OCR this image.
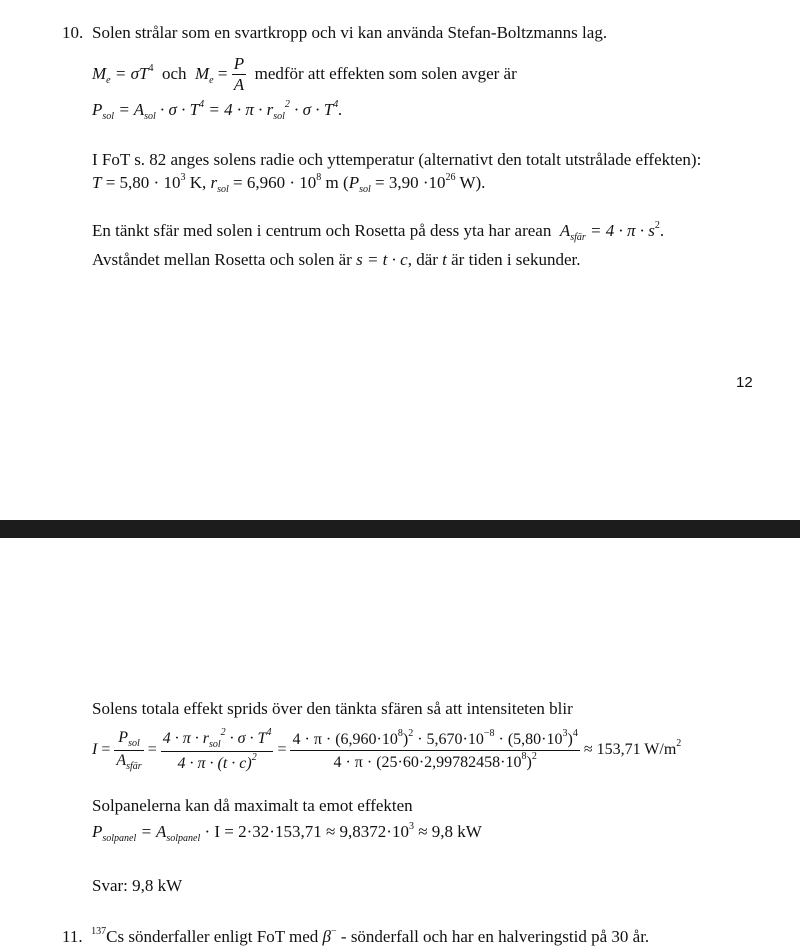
10. Solen strålar som en svartkropp och vi kan använda Stefan-Boltzmanns lag.
$M_e = \sigma T^4$ och $M_e = \frac{P}{A}$ medför att effekten som solen avger är
$P_{sol} = A_{sol} \cdot \sigma \cdot T^4 = 4 \cdot \pi \cdot r_{sol}^2 \cdot \sigma \cdot T^4$.
I FoT s. 82 anges solens radie och yttemperatur (alternativt den totalt utstrålade effekten):
$T = 5,80 \cdot 10^3$ K, $r_{sol} = 6,960 \cdot 10^8$ m ($P_{sol} = 3,90 \cdot 10^{26}$ W).
En tänkt sfär med solen i centrum och Rosetta på dess yta har arean $A_{sfär} = 4 \cdot \pi \cdot s^2$.
Avståndet mellan Rosetta och solen är s = t · c, där t är tiden i sekunder.
12
Solens totala effekt sprids över den tänkta sfären så att intensiteten blir
$I = \frac{P_{sol}}{A_{sfär}} = \frac{4 \cdot \pi \cdot r_{sol}^2 \cdot \sigma \cdot T^4}{4 \cdot \pi \cdot (t \cdot c)^2} = \frac{4 \cdot \pi \cdot (6,960\cdot 10^8)^2 \cdot 5,670\cdot 10^{-8} \cdot (5,80\cdot 10^3)^4}{4 \cdot \pi \cdot (25\cdot 60\cdot 2,99782458\cdot 10^8)^2} \approx 153,71$ $W/m^2$
Solpanelerna kan då maximalt ta emot effekten
$P_{solpanel} = A_{solpanel} \cdot I = 2\cdot 32\cdot 153,71 \approx 9,8372\cdot 10^3 \approx 9,8$ kW
Svar: 9,8 kW
11. $^{137}$Cs sönderfaller enligt FoT med β− - sönderfall och har en halveringstid på 30 år.
